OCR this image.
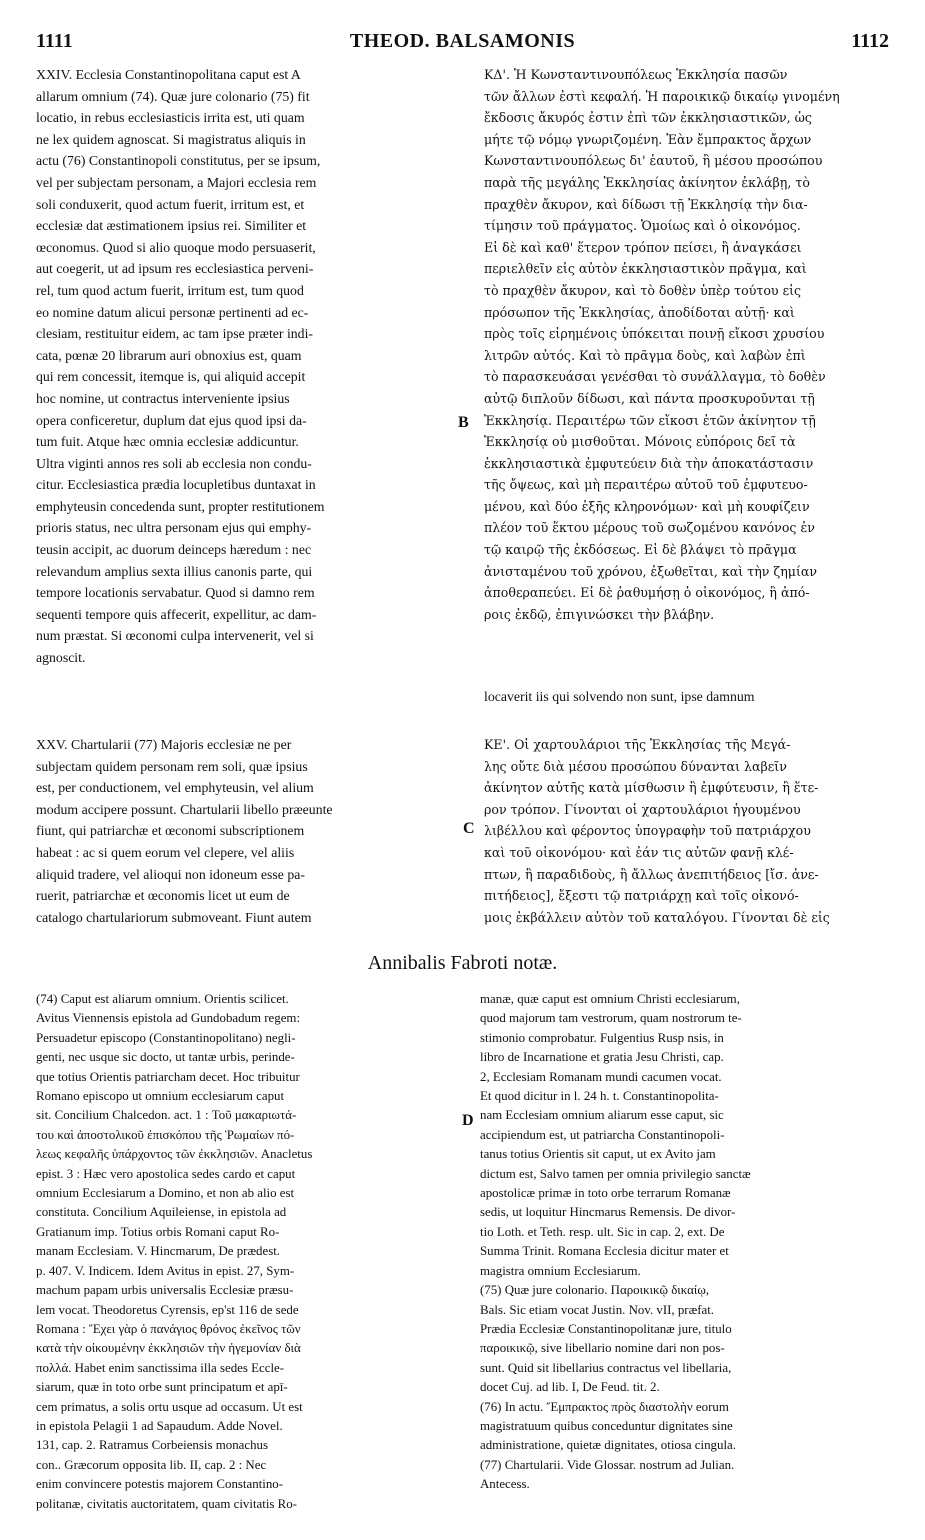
1111	THEOD. BALSAMONIS	1112
XXIV. Ecclesia Constantinopolitana caput est A
allarum omnium (74). Quæ jure colonario (75) fit
locatio, in rebus ecclesiasticis irrita est, uti quam
ne lex quidem agnoscat. Si magistratus aliquis in
actu (76) Constantinopoli constitutus, per se ipsum,
vel per subjectam personam, a Majori ecclesia rem
soli conduxerit, quod actum fuerit, irritum est, et
ecclesiæ dat æstimationem ipsius rei. Similiter et
œconomus. Quod si alio quoque modo persuaserit,
aut coegerit, ut ad ipsum res ecclesiastica perveni-
rel, tum quod actum fuerit, irritum est, tum quod
eo nomine datum alicui personæ pertinenti ad ec-
clesiam, restituitur eidem, ac tam ipse præter indi-
cata, pœnæ 20 librarum auri obnoxius est, quam
qui rem concessit, itemque is, qui aliquid accepit
hoc nomine, ut contractus interveniente ipsius
opera conficeretur, duplum dat ejus quod ipsi da-
tum fuit. Atque hæc omnia ecclesiæ addicuntur.
Ultra viginti annos res soli ab ecclesia non condu-
citur. Ecclesiastica prædia locupletibus duntaxat in
emphyteusin concedenda sunt, propter restitutionem
prioris status, nec ultra personam ejus qui emphy-
teusin accipit, ac duorum deinceps hæredum : nec
relevandum amplius sexta illius canonis parte, qui
tempore locationis servabatur. Quod si damno rem
sequenti tempore quis affecerit, expellitur, ac dam-
num præstat. Si œconomi culpa intervenerit, vel si
agnoscit.
ΚΔ'. Ἡ Κωνσταντινουπόλεως Ἐκκλησία πασῶν
τῶν ἄλλων ἐστὶ κεφαλή. Ἡ παροικικῷ δικαίῳ γινομένη
ἔκδοσις ἄκυρός ἐστιν ἐπὶ τῶν ἐκκλησιαστικῶν, ὡς
μήτε τῷ νόμῳ γνωριζομένη. Ἐὰν ἔμπρακτος ἄρχων
Κωνσταντινουπόλεως δι' ἑαυτοῦ, ἢ μέσου προσώπου
παρὰ τῆς μεγάλης Ἐκκλησίας ἀκίνητον ἐκλάβῃ, τὸ
πραχθὲν ἄκυρον, καὶ δίδωσι τῇ Ἐκκλησίᾳ τὴν δια-
τίμησιν τοῦ πράγματος. Ὁμοίως καὶ ὁ οἰκονόμος.
Εἰ δὲ καὶ καθ' ἕτερον τρόπον πείσει, ἢ ἀναγκάσει
περιελθεῖν εἰς αὐτὸν ἐκκλησιαστικὸν πρᾶγμα, καὶ
τὸ πραχθὲν ἄκυρον, καὶ τὸ δοθὲν ὑπὲρ τούτου εἰς
πρόσωπον τῆς Ἐκκλησίας, ἀποδίδοται αὐτῇ· καὶ
πρὸς τοῖς εἰρημένοις ὑπόκειται ποινῇ εἴκοσι χρυσίου
λιτρῶν αὐτός. Καὶ τὸ πρᾶγμα δοὺς, καὶ λαβὼν ἐπὶ
τὸ παρασκευάσαι γενέσθαι τὸ συνάλλαγμα, τὸ δοθὲν
αὐτῷ διπλοῦν δίδωσι, καὶ πάντα προσκυροῦνται τῇ
Ἐκκλησίᾳ. Περαιτέρω τῶν εἴκοσι ἐτῶν ἀκίνητον τῇ
Ἐκκλησίᾳ οὐ μισθοῦται. Μόνοις εὐπόροις δεῖ τὰ
ἐκκλησιαστικὰ ἐμφυτεύειν διὰ τὴν ἀποκατάστασιν
τῆς ὄψεως, καὶ μὴ περαιτέρω αὐτοῦ τοῦ ἐμφυτευο-
μένου, καὶ δύο ἑξῆς κληρονόμων· καὶ μὴ κουφίζειν
πλέον τοῦ ἕκτου μέρους τοῦ σωζομένου κανόνος ἐν
τῷ καιρῷ τῆς ἐκδόσεως. Εἰ δὲ βλάψει τὸ πρᾶγμα
ἀνισταμένου τοῦ χρόνου, ἐξωθεῖται, καὶ τὴν ζημίαν
ἀποθεραπεύει. Εἰ δὲ ῥαθυμήσῃ ὁ οἰκονόμος, ἢ ἀπό-
ροις ἐκδῷ, ἐπιγινώσκει τὴν βλάβην.
locaverit iis qui solvendo non sunt, ipse damnum
B
C
D
XXV. Chartularii (77) Majoris ecclesiæ ne per
subjectam quidem personam rem soli, quæ ipsius
est, per conductionem, vel emphyteusin, vel alium
modum accipere possunt. Chartularii libello præeunte
fiunt, qui patriarchæ et œconomi subscriptionem
habeat : ac si quem eorum vel clepere, vel aliis
aliquid tradere, vel alioqui non idoneum esse pa-
ruerit, patriarchæ et œconomis licet ut eum de
catalogo chartulariorum submoveant. Fiunt autem
ΚΕ'. Οἱ χαρτουλάριοι τῆς Ἐκκλησίας τῆς Μεγά-
λης οὔτε διὰ μέσου προσώπου δύνανται λαβεῖν
ἀκίνητον αὐτῆς κατὰ μίσθωσιν ἢ ἐμφύτευσιν, ἢ ἕτε-
ρον τρόπον. Γίνονται οἱ χαρτουλάριοι ἡγουμένου
λιβέλλου καὶ φέροντος ὑπογραφὴν τοῦ πατριάρχου
καὶ τοῦ οἰκονόμου· καὶ ἐάν τις αὐτῶν φανῇ κλέ-
πτων, ἢ παραδιδοὺς, ἢ ἄλλως ἀνεπιτήδειος [ἴσ. ἀνε-
πιτήδειος], ἔξεστι τῷ πατριάρχῃ καὶ τοῖς οἰκονό-
μοις ἐκβάλλειν αὐτὸν τοῦ καταλόγου. Γίνονται δὲ εἰς
Annibalis Fabroti notæ.
(74) Caput est aliarum omnium. Orientis scilicet.
Avitus Viennensis epistola ad Gundobadum regem:
Persuadetur episcopo (Constantinopolitano) negli-
genti, nec usque sic docto, ut tantæ urbis, perinde-
que totius Orientis patriarcham decet. Hoc tribuitur
Romano episcopo ut omnium ecclesiarum caput
sit. Concilium Chalcedon. act. 1 : Τοῦ μακαριωτά-
του καὶ ἀποστολικοῦ ἐπισκόπου τῆς Ῥωμαίων πό-
λεως κεφαλῆς ὑπάρχοντος τῶν ἐκκλησιῶν. Anacletus
epist. 3 : Hæc vero apostolica sedes cardo et caput
omnium Ecclesiarum a Domino, et non ab alio est
constituta. Concilium Aquileiense, in epistola ad
Gratianum imp. Totius orbis Romani caput Ro-
manam Ecclesiam. V. Hincmarum, De prædest.
p. 407. V. Indicem. Idem Avitus in epist. 27, Sym-
machum papam urbis universalis Ecclesiæ præsu-
lem vocat. Theodoretus Cyrensis, ep'st 116 de sede
Romana : Ἔχει γὰρ ὁ πανάγιος θρόνος ἐκεῖνος τῶν
κατὰ τὴν οἰκουμένην ἐκκλησιῶν τὴν ἡγεμονίαν διὰ
πολλά. Habet enim sanctissima illa sedes Eccle-
siarum, quæ in toto orbe sunt principatum et apī-
cem primatus, a solis ortu usque ad occasum. Ut est
in epistola Pelagii 1 ad Sapaudum. Adde Novel.
131, cap. 2. Ratramus Corbeiensis monachus
con.. Græcorum opposita lib. II, cap. 2 : Nec
enim convincere potestis majorem Constantino-
politanæ, civitatis auctoritatem, quam civitatis Ro-
manæ, quæ caput est omnium Christi ecclesiarum,
quod majorum tam vestrorum, quam nostrorum te-
stimonio comprobatur. Fulgentius Rusp nsis, in
libro de Incarnatione et gratia Jesu Christi, cap.
2, Ecclesiam Romanam mundi cacumen vocat.
Et quod dicitur in l. 24 h. t. Constantinopolita-
nam Ecclesiam omnium aliarum esse caput, sic
accipiendum est, ut patriarcha Constantinopoli-
tanus totius Orientis sit caput, ut ex Avito jam
dictum est, Salvo tamen per omnia privilegio sanctæ
apostolicæ primæ in toto orbe terrarum Romanæ
sedis, ut loquitur Hincmarus Remensis. De divor-
tio Loth. et Teth. resp. ult. Sic in cap. 2, ext. De
Summa Trinit. Romana Ecclesia dicitur mater et
magistra omnium Ecclesiarum.
(75) Quæ jure colonario. Παροικικῷ δικαίῳ,
Bals. Sic etiam vocat Justin. Nov. vII, præfat.
Prædia Ecclesiæ Constantinopolitanæ jure, titulo
παροικικῷ, sive libellario nomine dari non pos-
sunt. Quid sit libellarius contractus vel libellaria,
docet Cuj. ad lib. I, De Feud. tit. 2.
(76) In actu. Ἔμπρακτος πρὸς διαστολὴν eorum
magistratuum quibus conceduntur dignitates sine
administratione, quietæ dignitates, otiosa cingula.
(77) Chartularii. Vide Glossar. nostrum ad Julian.
Antecess.
